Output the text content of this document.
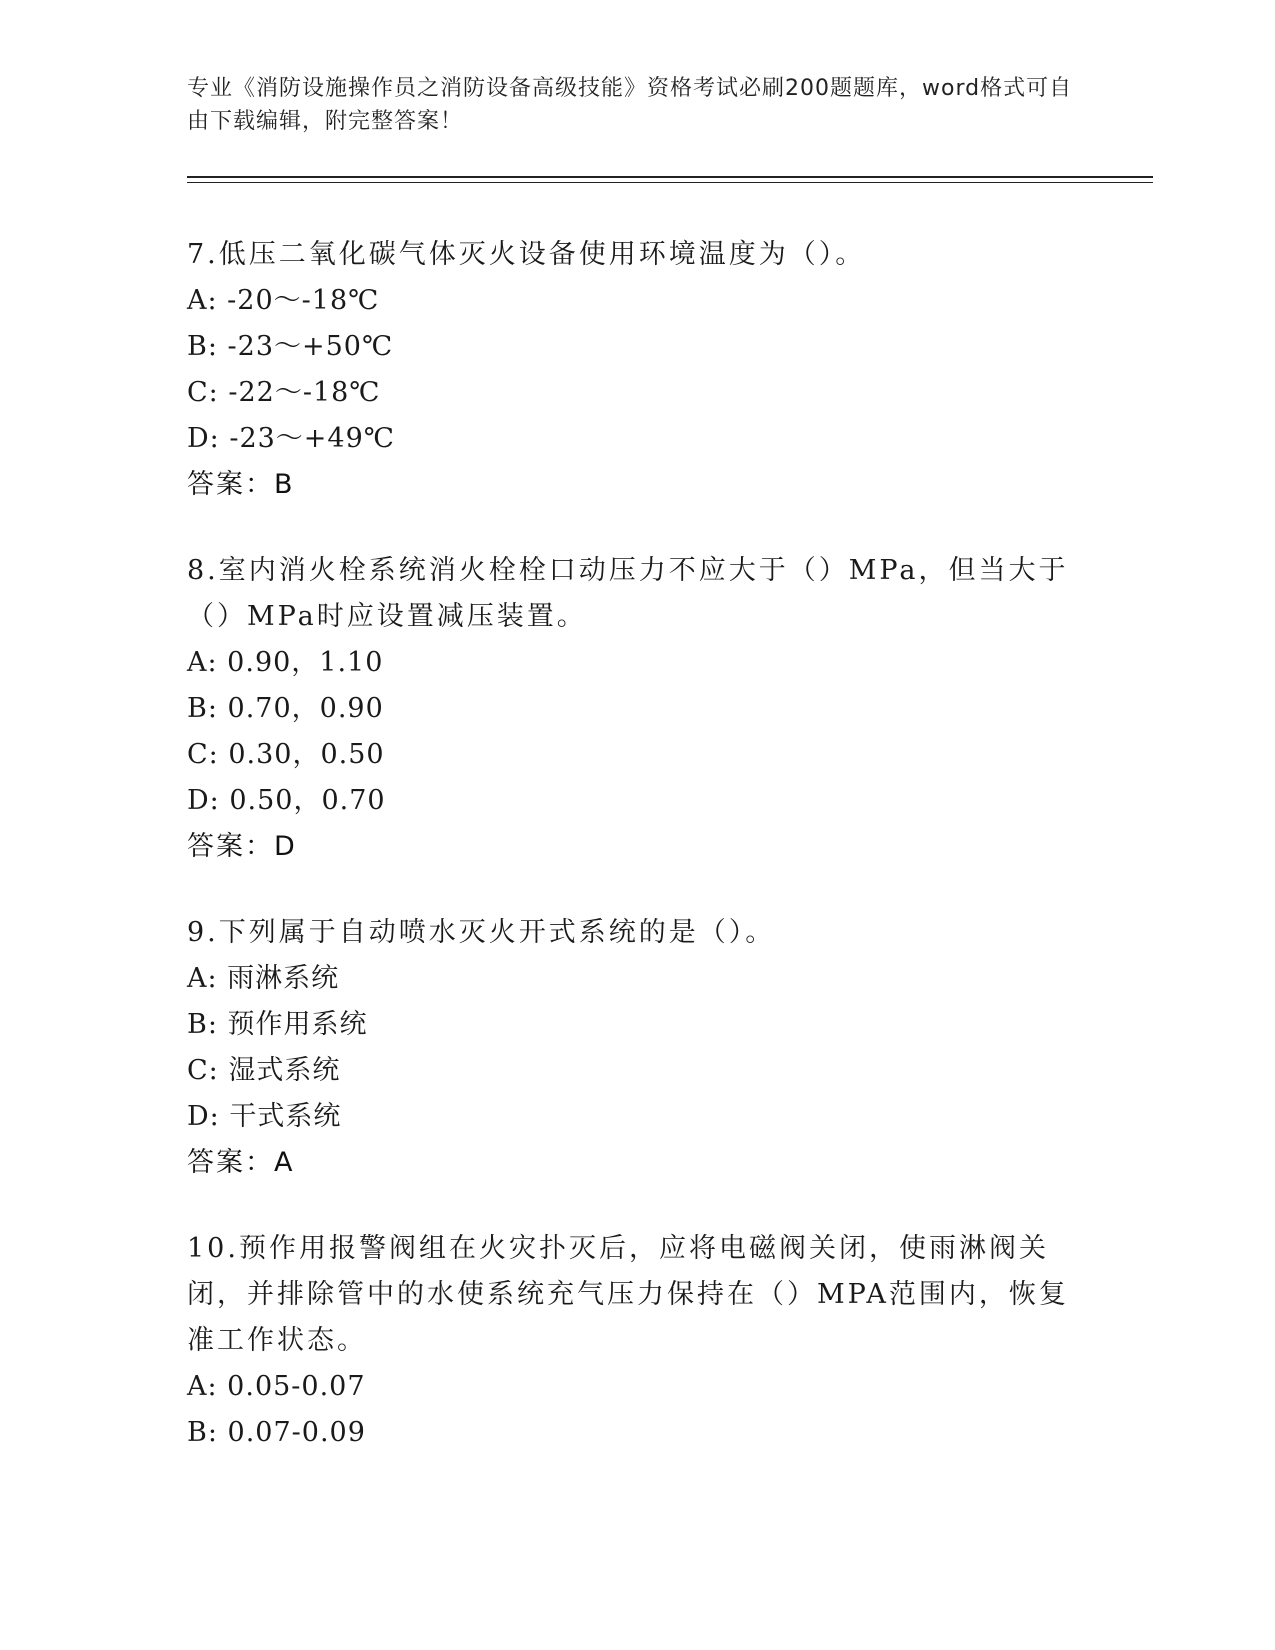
专业《消防设施操作员之消防设备高级技能》资格考试必刷200题题库，word格式可自由下载编辑，附完整答案！

7.低压二氧化碳气体灭火设备使用环境温度为（）。

A: -20～-18℃

B: -23～+50℃

C: -22～-18℃

D: -23～+49℃

答案：B

8.室内消火栓系统消火栓栓口动压力不应大于（）MPa，但当大于（）MPa时应设置减压装置。

A: 0.90，1.10

B: 0.70，0.90

C: 0.30，0.50

D: 0.50，0.70

答案：D

9.下列属于自动喷水灭火开式系统的是（）。

A: 雨淋系统

B: 预作用系统

C: 湿式系统

D: 干式系统

答案：A

10.预作用报警阀组在火灾扑灭后，应将电磁阀关闭，使雨淋阀关闭，并排除管中的水使系统充气压力保持在（）MPA范围内，恢复准工作状态。

A: 0.05-0.07

B: 0.07-0.09
